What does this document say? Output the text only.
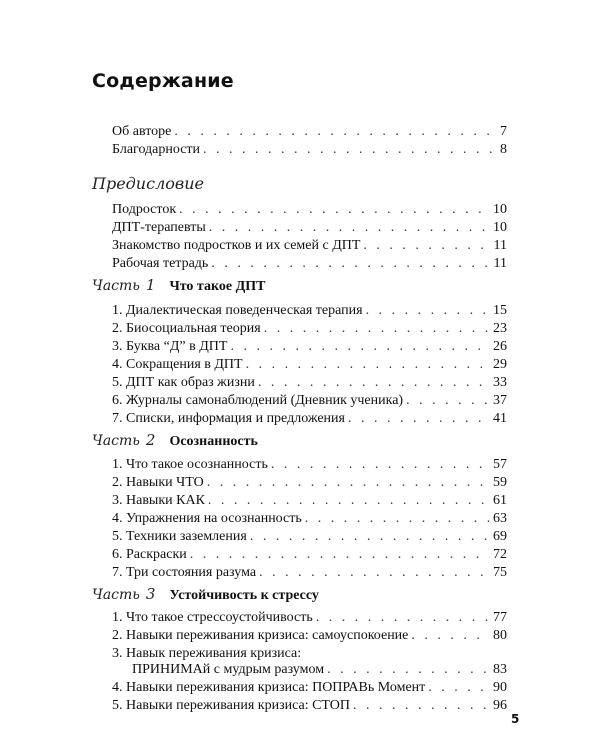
Содержание
Об авторе . . .	7
Благодарности . . .	8
Предисловие
Подросток . . .	10
ДПТ-терапевты . . .	10
Знакомство подростков и их семей с ДПТ . . .	11
Рабочая тетрадь . . .	11
Часть 1 Что такое ДПТ
1. Диалектическая поведенческая терапия . . .	15
2. Биосоциальная теория . . .	23
3. Буква “Д” в ДПТ . . .	26
4. Сокращения в ДПТ . . .	29
5. ДПТ как образ жизни . . .	33
6. Журналы самонаблюдений (Дневник ученика) . . .	37
7. Списки, информация и предложения . . .	41
Часть 2 Осознанность
1. Что такое осознанность . . .	57
2. Навыки ЧТО . . .	59
3. Навыки КАК . . .	61
4. Упражнения на осознанность . . .	63
5. Техники заземления . . .	69
6. Раскраски . . .	72
7. Три состояния разума . . .	75
Часть 3 Устойчивость к стрессу
1. Что такое стрессоустойчивость . . .	77
2. Навыки переживания кризиса: самоуспокоение . . .	80
3. Навык переживания кризиса:
ПРИНИМАй с мудрым разумом . . .	83
4. Навыки переживания кризиса: ПОПРАВь Момент . . .	90
5. Навыки переживания кризиса: СТОП . . .	96
5
